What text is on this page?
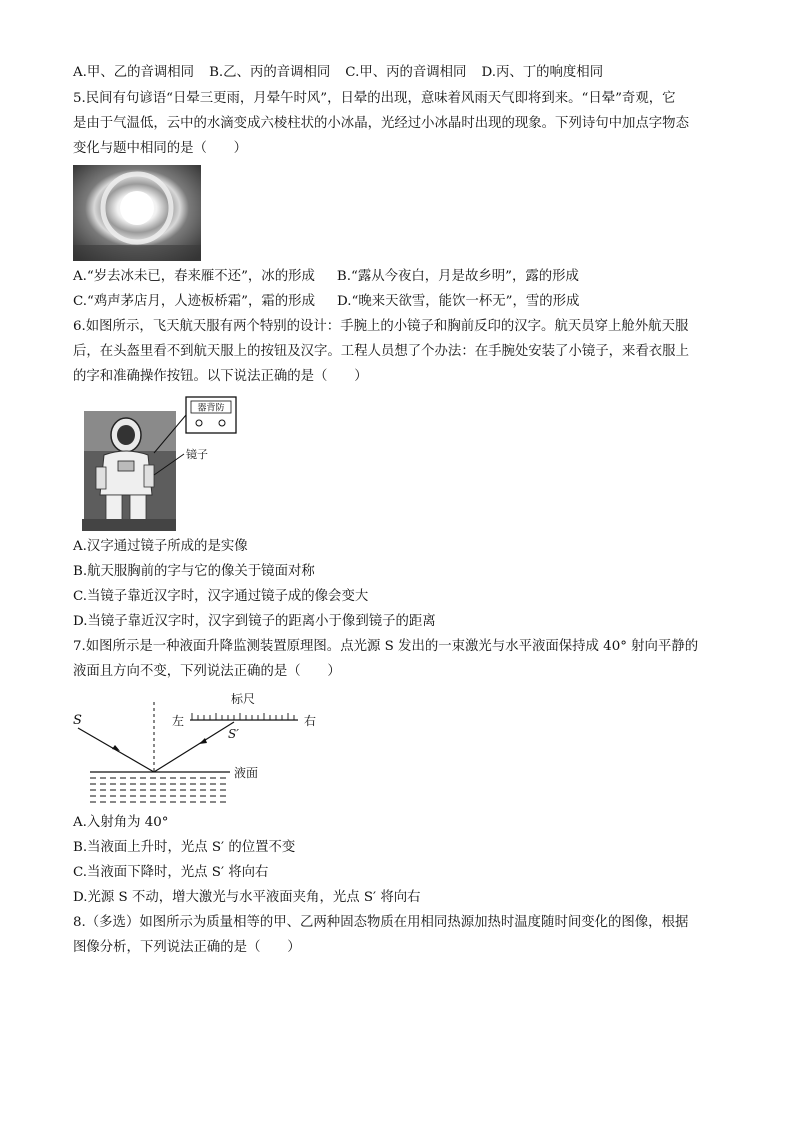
A.甲、乙的音调相同 B.乙、丙的音调相同 C.甲、丙的音调相同 D.丙、丁的响度相同
5.民间有句谚语“日晕三更雨，月晕午时风”，日晕的出现，意味着风雨天气即将到来。“日晕”奇观，它
是由于气温低，云中的水滴变成六棱柱状的小冰晶，光经过小冰晶时出现的现象。下列诗句中加点字物态
变化与题中相同的是（　　）
A.“岁去冰未已，春来雁不还”，冰的形成 B.“露从今夜白，月是故乡明”，露的形成
C.“鸡声茅店月，人迹板桥霜”，霜的形成 D.“晚来天欲雪，能饮一杯无”，雪的形成
6.如图所示，飞天航天服有两个特别的设计：手腕上的小镜子和胸前反印的汉字。航天员穿上舱外航天服
后，在头盔里看不到航天服上的按钮及汉字。工程人员想了个办法：在手腕处安装了小镜子，来看衣服上
的字和准确操作按钮。以下说法正确的是（　　）
器背防
镜子
A.汉字通过镜子所成的是实像
B.航天服胸前的字与它的像关于镜面对称
C.当镜子靠近汉字时，汉字通过镜子成的像会变大
D.当镜子靠近汉字时，汉字到镜子的距离小于像到镜子的距离
7.如图所示是一种液面升降监测装置原理图。点光源 S 发出的一束激光与水平液面保持成 40° 射向平静的
液面且方向不变，下列说法正确的是（　　）
标尺
左	右
S
S′
液面
A.入射角为 40°
B.当液面上升时，光点 S′ 的位置不变
C.当液面下降时，光点 S′ 将向右
D.光源 S 不动，增大激光与水平液面夹角，光点 S′ 将向右
8.（多选）如图所示为质量相等的甲、乙两种固态物质在用相同热源加热时温度随时间变化的图像，根据
图像分析，下列说法正确的是（　　）
